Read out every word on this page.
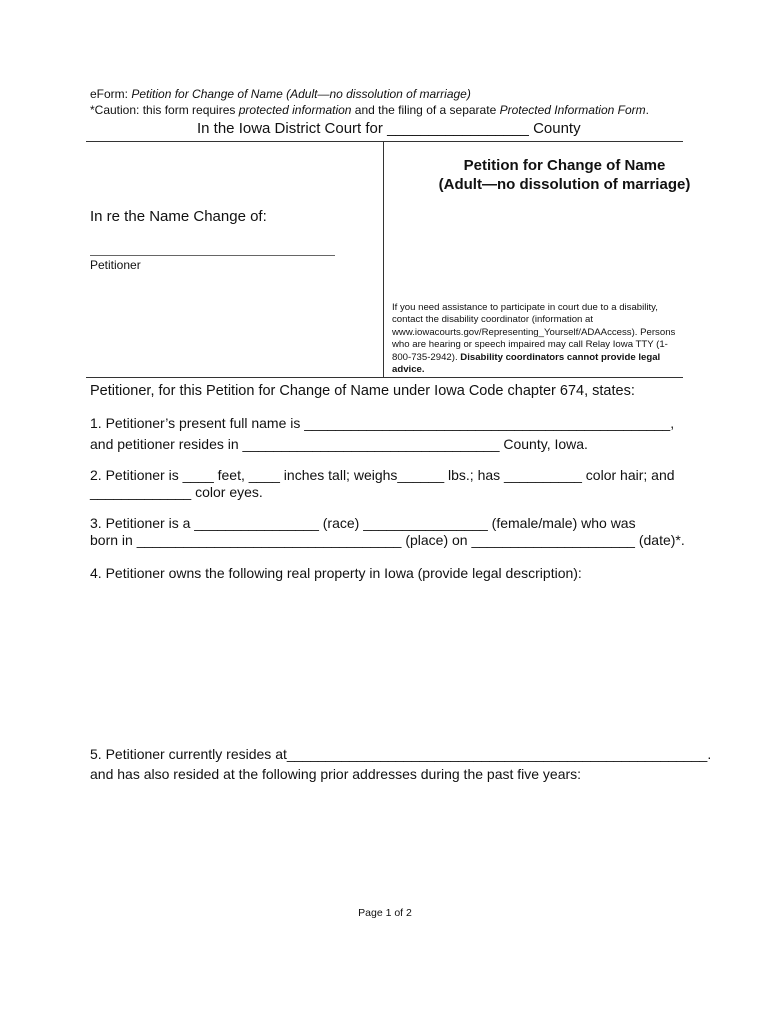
eForm: Petition for Change of Name (Adult—no dissolution of marriage)
*Caution: this form requires protected information and the filing of a separate Protected Information Form.
In the Iowa District Court for _________________ County
Petition for Change of Name
(Adult—no dissolution of marriage)
In re the Name Change of:
Petitioner
If you need assistance to participate in court due to a disability, contact the disability coordinator (information at www.iowacourts.gov/Representing_Yourself/ADAAccess). Persons who are hearing or speech impaired may call Relay Iowa TTY (1-800-735-2942). Disability coordinators cannot provide legal advice.
Petitioner, for this Petition for Change of Name under Iowa Code chapter 674, states:
1. Petitioner’s present full name is _______________________________________________,
and petitioner resides in _________________________________ County, Iowa.
2. Petitioner is ____ feet, ____ inches tall; weighs______ lbs.; has __________ color hair; and
_____________ color eyes.
3. Petitioner is a ________________ (race) ________________ (female/male) who was
born in __________________________________ (place) on _____________________ (date)*.
4. Petitioner owns the following real property in Iowa (provide legal description):
5. Petitioner currently resides at______________________________________________________.
and has also resided at the following prior addresses during the past five years:
Page 1 of 2
